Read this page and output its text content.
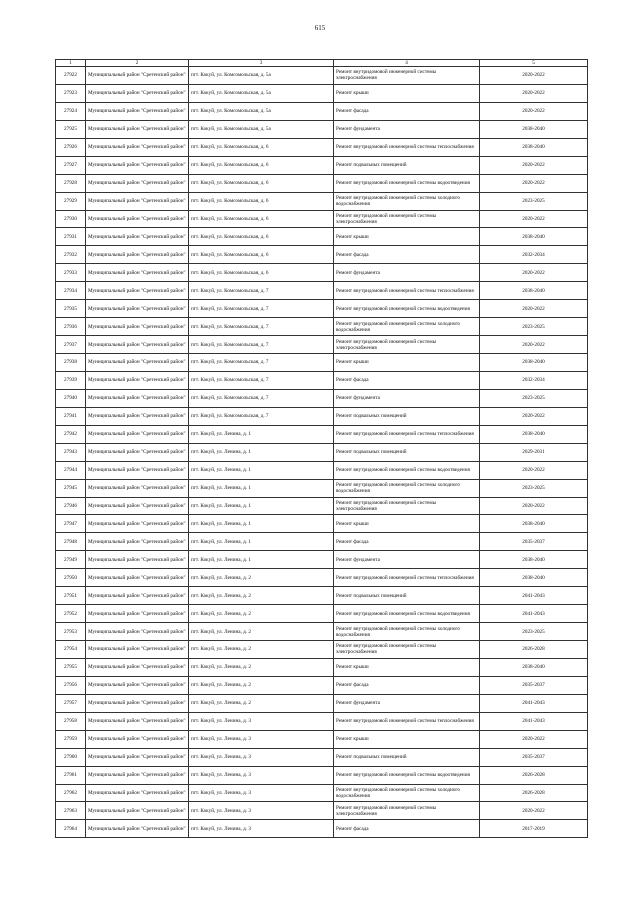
615
1	2	3	4	5
27922	Муниципальный район "Сретенский район"	пгт. Кокуй, ул. Комсомольская, д. 5а	Ремонт внутридомовой инженерной системы электроснабжения	2020-2022
27923	Муниципальный район "Сретенский район"	пгт. Кокуй, ул. Комсомольская, д. 5а	Ремонт крыши	2020-2022
27924	Муниципальный район "Сретенский район"	пгт. Кокуй, ул. Комсомольская, д. 5а	Ремонт фасада	2020-2022
27925	Муниципальный район "Сретенский район"	пгт. Кокуй, ул. Комсомольская, д. 5а	Ремонт фундамента	2038-2040
27926	Муниципальный район "Сретенский район"	пгт. Кокуй, ул. Комсомольская, д. 6	Ремонт внутридомовой инженерной системы теплоснабжения	2038-2040
27927	Муниципальный район "Сретенский район"	пгт. Кокуй, ул. Комсомольская, д. 6	Ремонт подвальных помещений	2020-2022
27928	Муниципальный район "Сретенский район"	пгт. Кокуй, ул. Комсомольская, д. 6	Ремонт внутридомовой инженерной системы водоотведения	2020-2022
27929	Муниципальный район "Сретенский район"	пгт. Кокуй, ул. Комсомольская, д. 6	Ремонт внутридомовой инженерной системы холодного водоснабжения	2023-2025
27930	Муниципальный район "Сретенский район"	пгт. Кокуй, ул. Комсомольская, д. 6	Ремонт внутридомовой инженерной системы электроснабжения	2020-2022
27931	Муниципальный район "Сретенский район"	пгт. Кокуй, ул. Комсомольская, д. 6	Ремонт крыши	2038-2040
27932	Муниципальный район "Сретенский район"	пгт. Кокуй, ул. Комсомольская, д. 6	Ремонт фасада	2032-2034
27933	Муниципальный район "Сретенский район"	пгт. Кокуй, ул. Комсомольская, д. 6	Ремонт фундамента	2020-2022
27934	Муниципальный район "Сретенский район"	пгт. Кокуй, ул. Комсомольская, д. 7	Ремонт внутридомовой инженерной системы теплоснабжения	2038-2040
27935	Муниципальный район "Сретенский район"	пгт. Кокуй, ул. Комсомольская, д. 7	Ремонт внутридомовой инженерной системы водоотведения	2020-2022
27936	Муниципальный район "Сретенский район"	пгт. Кокуй, ул. Комсомольская, д. 7	Ремонт внутридомовой инженерной системы холодного водоснабжения	2023-2025
27937	Муниципальный район "Сретенский район"	пгт. Кокуй, ул. Комсомольская, д. 7	Ремонт внутридомовой инженерной системы электроснабжения	2020-2022
27938	Муниципальный район "Сретенский район"	пгт. Кокуй, ул. Комсомольская, д. 7	Ремонт крыши	2038-2040
27939	Муниципальный район "Сретенский район"	пгт. Кокуй, ул. Комсомольская, д. 7	Ремонт фасада	2032-2034
27940	Муниципальный район "Сретенский район"	пгт. Кокуй, ул. Комсомольская, д. 7	Ремонт фундамента	2023-2025
27941	Муниципальный район "Сретенский район"	пгт. Кокуй, ул. Комсомольская, д. 7	Ремонт подвальных помещений	2020-2022
27942	Муниципальный район "Сретенский район"	пгт. Кокуй, ул. Ленина, д. 1	Ремонт внутридомовой инженерной системы теплоснабжения	2038-2040
27943	Муниципальный район "Сретенский район"	пгт. Кокуй, ул. Ленина, д. 1	Ремонт подвальных помещений	2029-2031
27944	Муниципальный район "Сретенский район"	пгт. Кокуй, ул. Ленина, д. 1	Ремонт внутридомовой инженерной системы водоотведения	2020-2022
27945	Муниципальный район "Сретенский район"	пгт. Кокуй, ул. Ленина, д. 1	Ремонт внутридомовой инженерной системы холодного водоснабжения	2023-2025
27946	Муниципальный район "Сретенский район"	пгт. Кокуй, ул. Ленина, д. 1	Ремонт внутридомовой инженерной системы электроснабжения	2020-2022
27947	Муниципальный район "Сретенский район"	пгт. Кокуй, ул. Ленина, д. 1	Ремонт крыши	2038-2040
27948	Муниципальный район "Сретенский район"	пгт. Кокуй, ул. Ленина, д. 1	Ремонт фасада	2035-2037
27949	Муниципальный район "Сретенский район"	пгт. Кокуй, ул. Ленина, д. 1	Ремонт фундамента	2038-2040
27950	Муниципальный район "Сретенский район"	пгт. Кокуй, ул. Ленина, д. 2	Ремонт внутридомовой инженерной системы теплоснабжения	2038-2040
27951	Муниципальный район "Сретенский район"	пгт. Кокуй, ул. Ленина, д. 2	Ремонт подвальных помещений	2041-2043
27952	Муниципальный район "Сретенский район"	пгт. Кокуй, ул. Ленина, д. 2	Ремонт внутридомовой инженерной системы водоотведения	2041-2043
27953	Муниципальный район "Сретенский район"	пгт. Кокуй, ул. Ленина, д. 2	Ремонт внутридомовой инженерной системы холодного водоснабжения	2023-2025
27954	Муниципальный район "Сретенский район"	пгт. Кокуй, ул. Ленина, д. 2	Ремонт внутридомовой инженерной системы электроснабжения	2026-2028
27955	Муниципальный район "Сретенский район"	пгт. Кокуй, ул. Ленина, д. 2	Ремонт крыши	2038-2040
27956	Муниципальный район "Сретенский район"	пгт. Кокуй, ул. Ленина, д. 2	Ремонт фасада	2035-2037
27957	Муниципальный район "Сретенский район"	пгт. Кокуй, ул. Ленина, д. 2	Ремонт фундамента	2041-2043
27958	Муниципальный район "Сретенский район"	пгт. Кокуй, ул. Ленина, д. 3	Ремонт внутридомовой инженерной системы теплоснабжения	2041-2043
27959	Муниципальный район "Сретенский район"	пгт. Кокуй, ул. Ленина, д. 3	Ремонт крыши	2020-2022
27960	Муниципальный район "Сретенский район"	пгт. Кокуй, ул. Ленина, д. 3	Ремонт подвальных помещений	2035-2037
27961	Муниципальный район "Сретенский район"	пгт. Кокуй, ул. Ленина, д. 3	Ремонт внутридомовой инженерной системы водоотведения	2026-2028
27962	Муниципальный район "Сретенский район"	пгт. Кокуй, ул. Ленина, д. 3	Ремонт внутридомовой инженерной системы холодного водоснабжения	2026-2028
27963	Муниципальный район "Сретенский район"	пгт. Кокуй, ул. Ленина, д. 3	Ремонт внутридомовой инженерной системы электроснабжения	2020-2022
27964	Муниципальный район "Сретенский район"	пгт. Кокуй, ул. Ленина, д. 3	Ремонт фасада	2017-2019
